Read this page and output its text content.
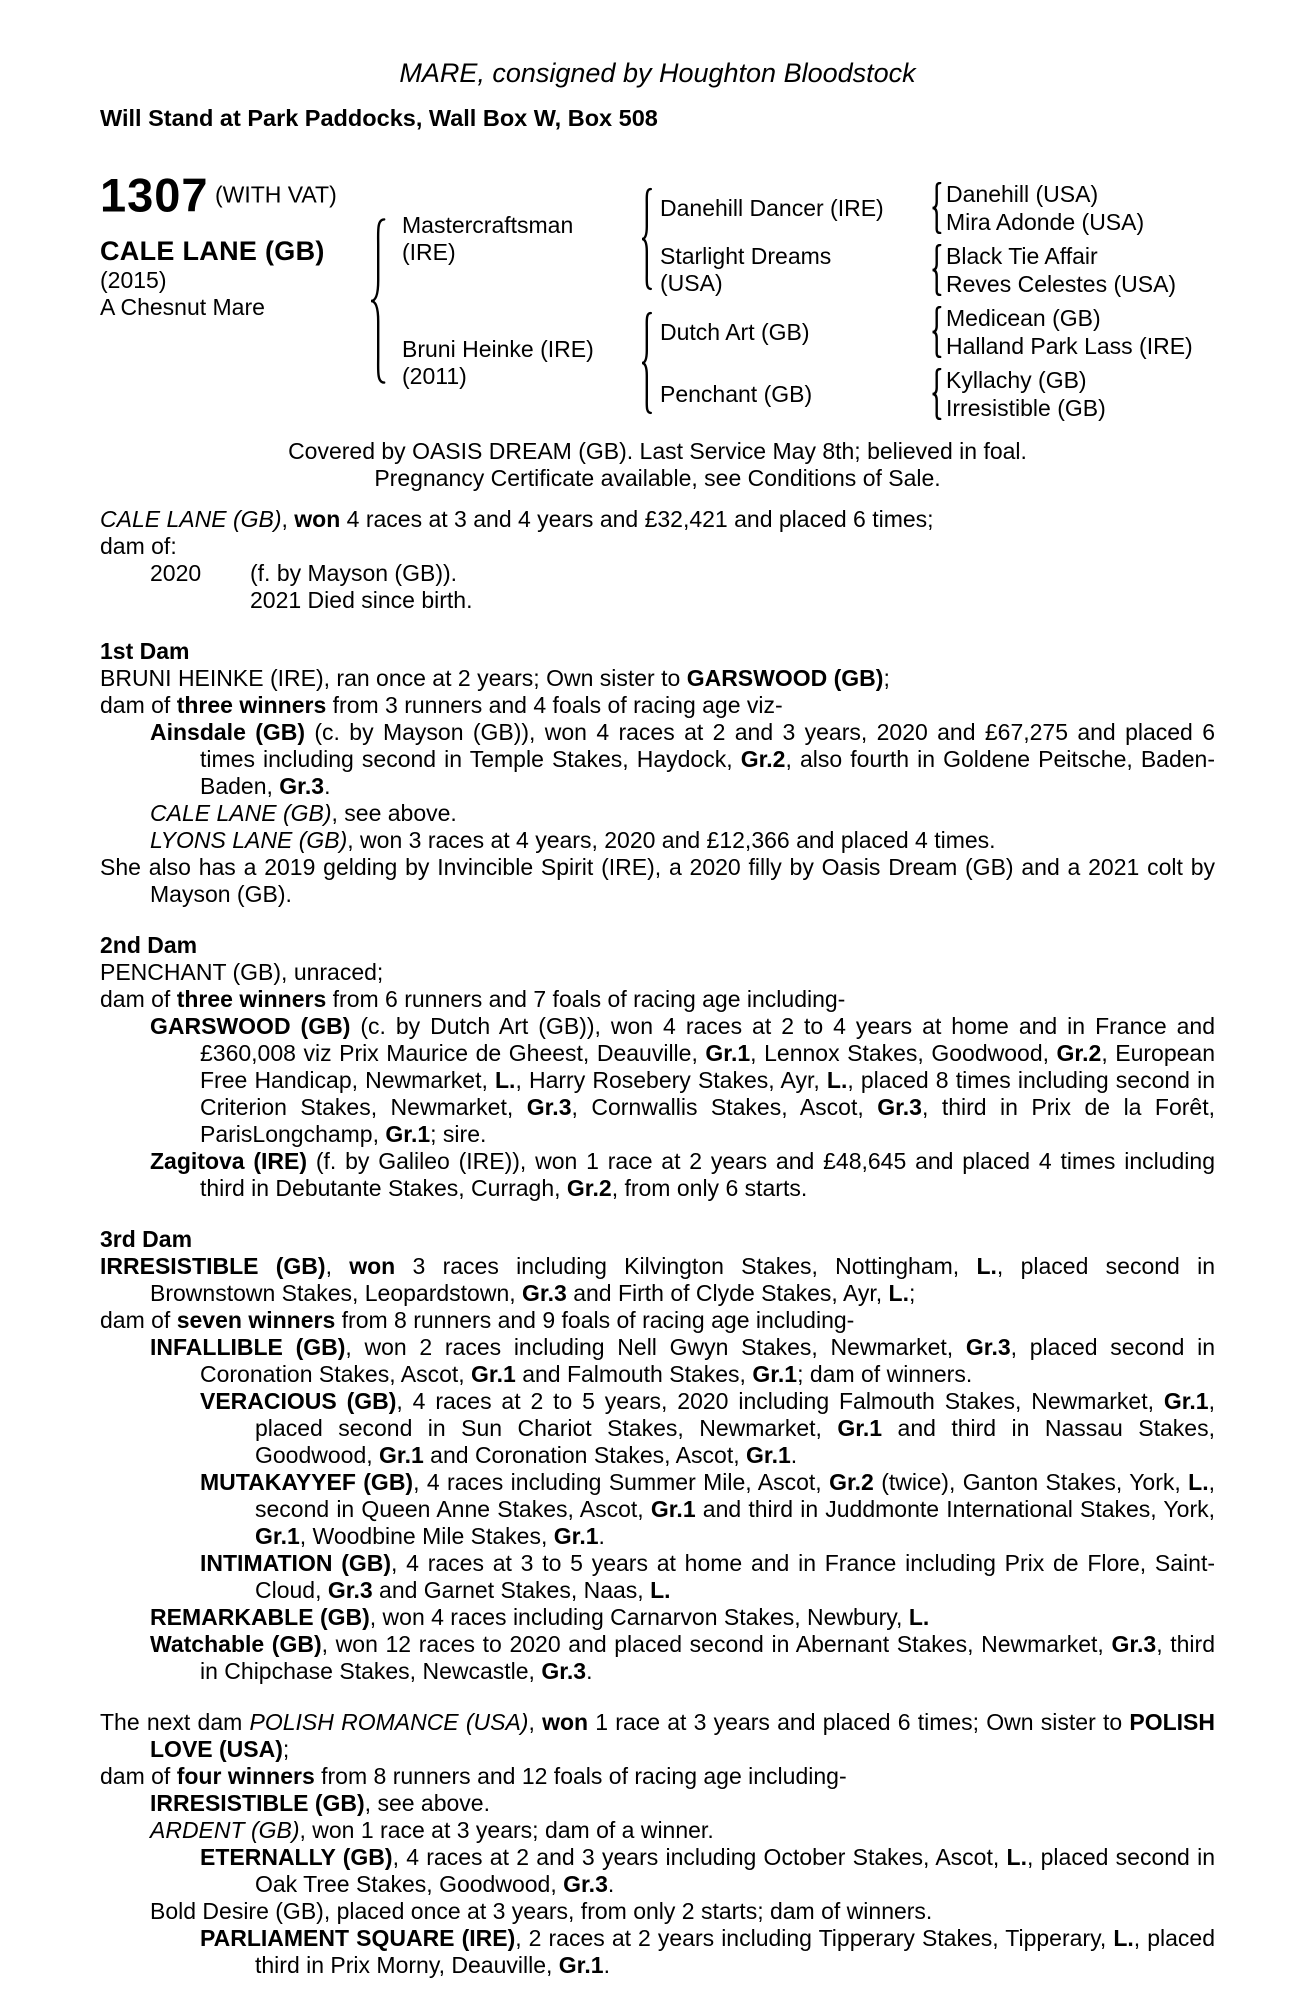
MARE, consigned by Houghton Bloodstock
Will Stand at Park Paddocks, Wall Box W, Box 508
1307 (WITH VAT)
CALE LANE (GB)
(2015)
A Chesnut Mare
Mastercraftsman
(IRE)
Danehill Dancer (IRE)
Danehill (USA)
Mira Adonde (USA)
Starlight Dreams
(USA)
Black Tie Affair
Reves Celestes (USA)
Bruni Heinke (IRE)
(2011)
Dutch Art (GB)
Medicean (GB)
Halland Park Lass (IRE)
Penchant (GB)
Kyllachy (GB)
Irresistible (GB)
Covered by OASIS DREAM (GB). Last Service May 8th; believed in foal.
Pregnancy Certificate available, see Conditions of Sale.
CALE LANE (GB), won 4 races at 3 and 4 years and £32,421 and placed 6 times;
dam of:
2020	(f. by Mayson (GB)).
2021 Died since birth.
1st Dam
BRUNI HEINKE (IRE), ran once at 2 years; Own sister to GARSWOOD (GB);
dam of three winners from 3 runners and 4 foals of racing age viz-
Ainsdale (GB) (c. by Mayson (GB)), won 4 races at 2 and 3 years, 2020 and £67,275 and placed 6 times including second in Temple Stakes, Haydock, Gr.2, also fourth in Goldene Peitsche, Baden-Baden, Gr.3.
CALE LANE (GB), see above.
LYONS LANE (GB), won 3 races at 4 years, 2020 and £12,366 and placed 4 times.
She also has a 2019 gelding by Invincible Spirit (IRE), a 2020 filly by Oasis Dream (GB) and a 2021 colt by Mayson (GB).
2nd Dam
PENCHANT (GB), unraced;
dam of three winners from 6 runners and 7 foals of racing age including-
GARSWOOD (GB) (c. by Dutch Art (GB)), won 4 races at 2 to 4 years at home and in France and £360,008 viz Prix Maurice de Gheest, Deauville, Gr.1, Lennox Stakes, Goodwood, Gr.2, European Free Handicap, Newmarket, L., Harry Rosebery Stakes, Ayr, L., placed 8 times including second in Criterion Stakes, Newmarket, Gr.3, Cornwallis Stakes, Ascot, Gr.3, third in Prix de la Forêt, ParisLongchamp, Gr.1; sire.
Zagitova (IRE) (f. by Galileo (IRE)), won 1 race at 2 years and £48,645 and placed 4 times including third in Debutante Stakes, Curragh, Gr.2, from only 6 starts.
3rd Dam
IRRESISTIBLE (GB), won 3 races including Kilvington Stakes, Nottingham, L., placed second in Brownstown Stakes, Leopardstown, Gr.3 and Firth of Clyde Stakes, Ayr, L.;
dam of seven winners from 8 runners and 9 foals of racing age including-
INFALLIBLE (GB), won 2 races including Nell Gwyn Stakes, Newmarket, Gr.3, placed second in Coronation Stakes, Ascot, Gr.1 and Falmouth Stakes, Gr.1; dam of winners.
VERACIOUS (GB), 4 races at 2 to 5 years, 2020 including Falmouth Stakes, Newmarket, Gr.1, placed second in Sun Chariot Stakes, Newmarket, Gr.1 and third in Nassau Stakes, Goodwood, Gr.1 and Coronation Stakes, Ascot, Gr.1.
MUTAKAYYEF (GB), 4 races including Summer Mile, Ascot, Gr.2 (twice), Ganton Stakes, York, L., second in Queen Anne Stakes, Ascot, Gr.1 and third in Juddmonte International Stakes, York, Gr.1, Woodbine Mile Stakes, Gr.1.
INTIMATION (GB), 4 races at 3 to 5 years at home and in France including Prix de Flore, Saint-Cloud, Gr.3 and Garnet Stakes, Naas, L.
REMARKABLE (GB), won 4 races including Carnarvon Stakes, Newbury, L.
Watchable (GB), won 12 races to 2020 and placed second in Abernant Stakes, Newmarket, Gr.3, third in Chipchase Stakes, Newcastle, Gr.3.
The next dam POLISH ROMANCE (USA), won 1 race at 3 years and placed 6 times; Own sister to POLISH LOVE (USA);
dam of four winners from 8 runners and 12 foals of racing age including-
IRRESISTIBLE (GB), see above.
ARDENT (GB), won 1 race at 3 years; dam of a winner.
ETERNALLY (GB), 4 races at 2 and 3 years including October Stakes, Ascot, L., placed second in Oak Tree Stakes, Goodwood, Gr.3.
Bold Desire (GB), placed once at 3 years, from only 2 starts; dam of winners.
PARLIAMENT SQUARE (IRE), 2 races at 2 years including Tipperary Stakes, Tipperary, L., placed third in Prix Morny, Deauville, Gr.1.
